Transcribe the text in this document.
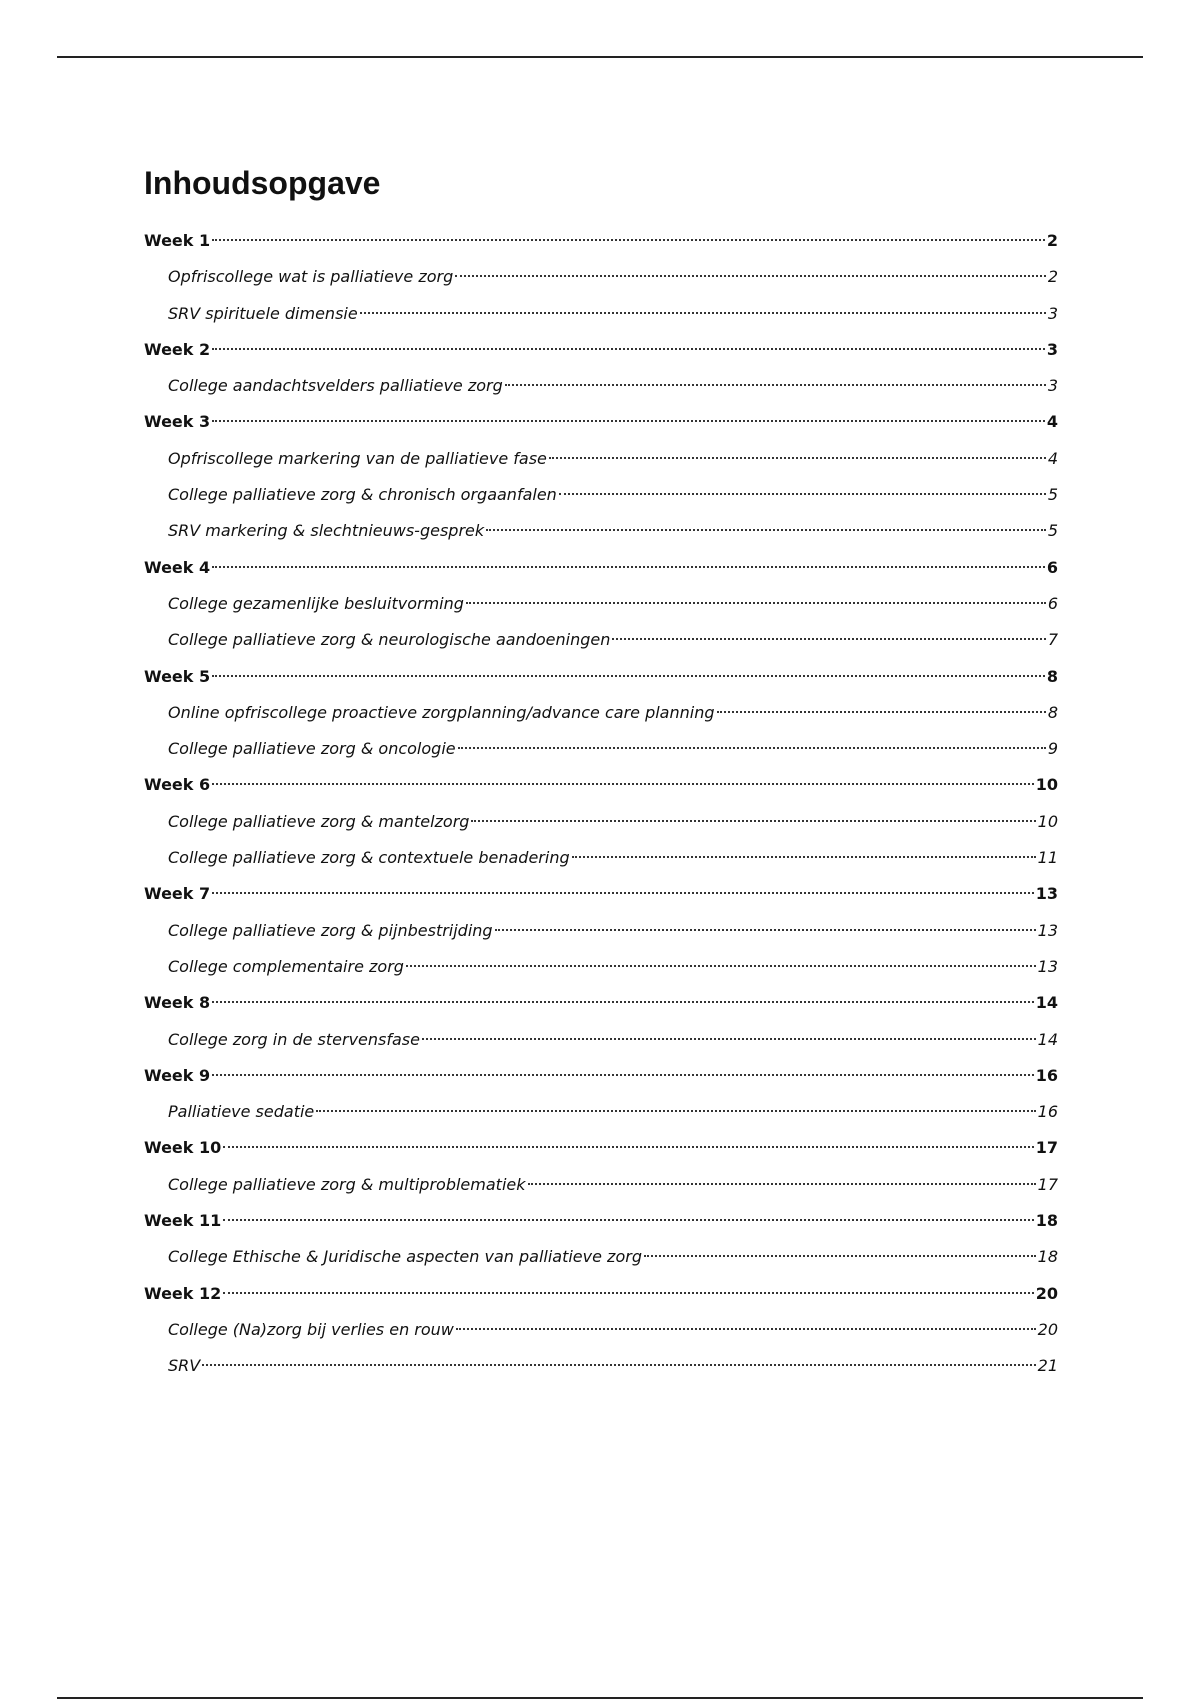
Inhoudsopgave
Week 1	2
Opfriscollege wat is palliatieve zorg	2
SRV spirituele dimensie	3
Week 2	3
College aandachtsvelders palliatieve zorg	3
Week 3	4
Opfriscollege markering van de palliatieve fase	4
College palliatieve zorg & chronisch orgaanfalen	5
SRV markering & slechtnieuws-gesprek	5
Week 4	6
College gezamenlijke besluitvorming	6
College palliatieve zorg & neurologische aandoeningen	7
Week 5	8
Online opfriscollege proactieve zorgplanning/advance care planning	8
College palliatieve zorg & oncologie	9
Week 6	10
College palliatieve zorg & mantelzorg	10
College palliatieve zorg & contextuele benadering	11
Week 7	13
College palliatieve zorg & pijnbestrijding	13
College complementaire zorg	13
Week 8	14
College zorg in de stervensfase	14
Week 9	16
Palliatieve sedatie	16
Week 10	17
College palliatieve zorg & multiproblematiek	17
Week 11	18
College Ethische & Juridische aspecten van palliatieve zorg	18
Week 12	20
College (Na)zorg bij verlies en rouw	20
SRV	21
